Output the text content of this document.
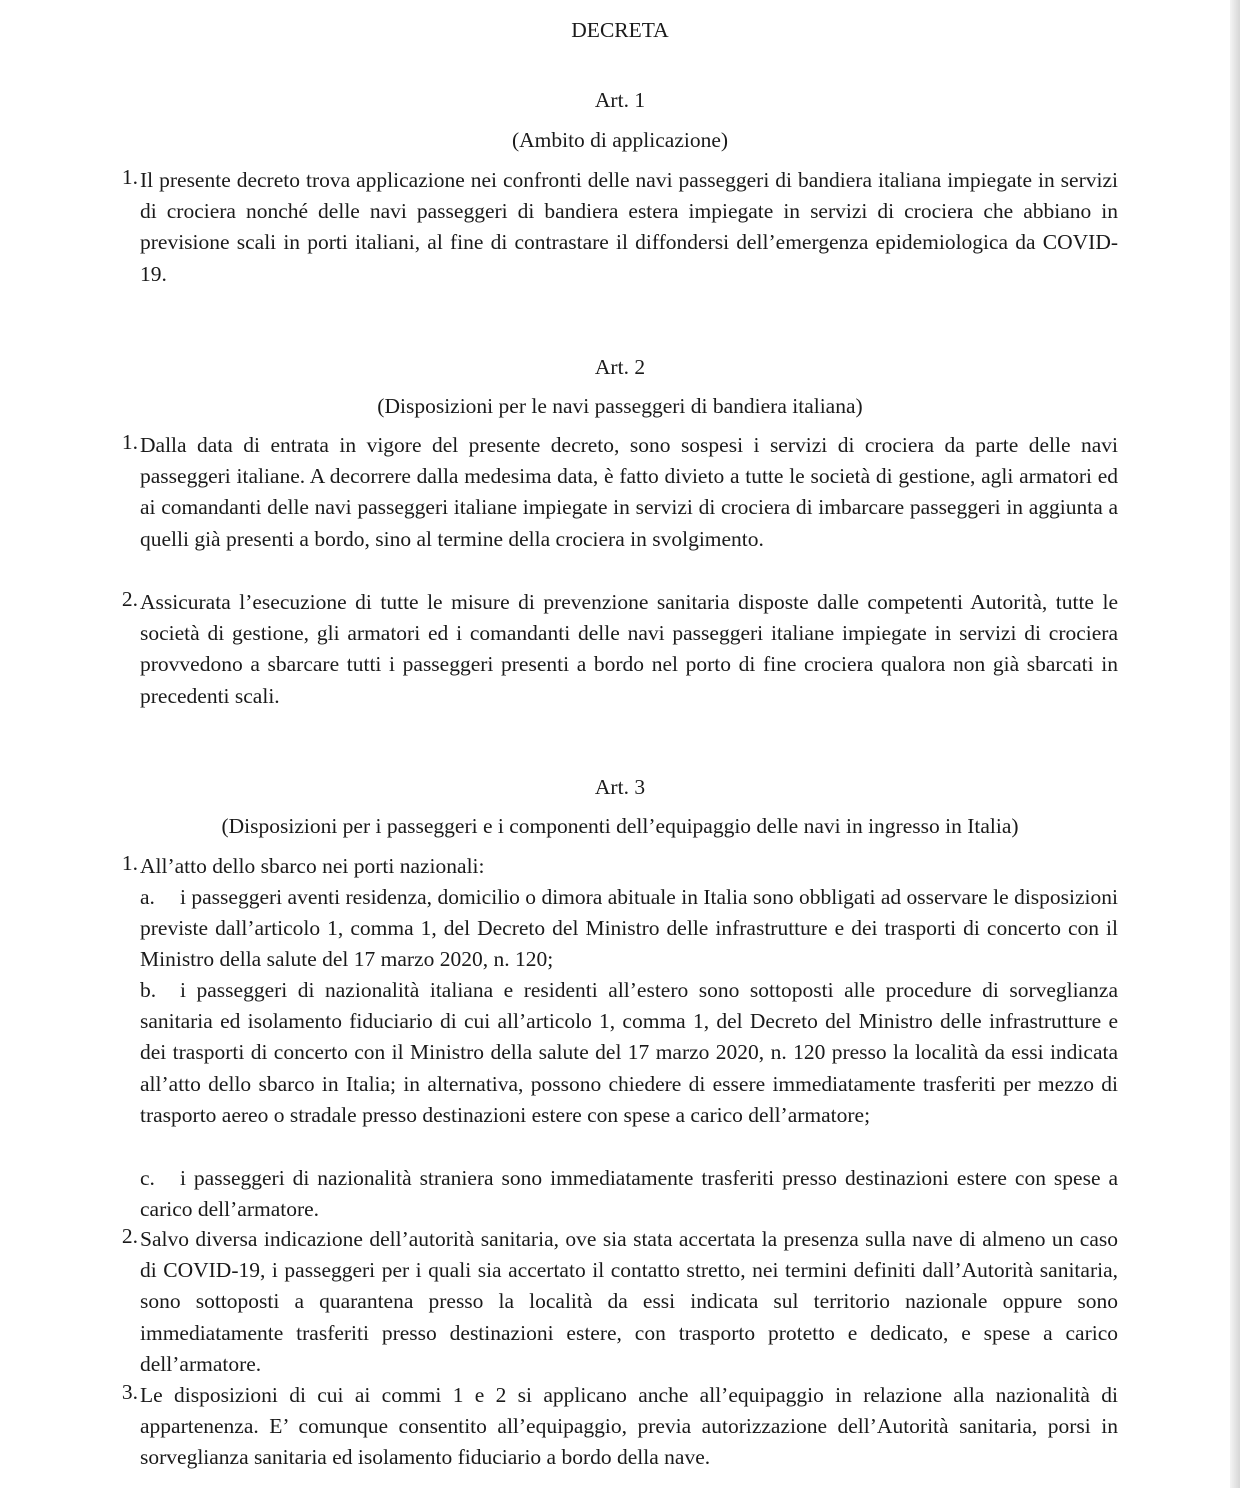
DECRETA
Art. 1
(Ambito di applicazione)
1. Il presente decreto trova applicazione nei confronti delle navi passeggeri di bandiera italiana impiegate in servizi di crociera nonché delle navi passeggeri di bandiera estera impiegate in servizi di crociera che abbiano in previsione scali in porti italiani, al fine di contrastare il diffondersi dell’emergenza epidemiologica da COVID-19.

Art. 2
(Disposizioni per le navi passeggeri di bandiera italiana)
1. Dalla data di entrata in vigore del presente decreto, sono sospesi i servizi di crociera da parte delle navi passeggeri italiane. A decorrere dalla medesima data, è fatto divieto a tutte le società di gestione, agli armatori ed ai comandanti delle navi passeggeri italiane impiegate in servizi di crociera di imbarcare passeggeri in aggiunta a quelli già presenti a bordo, sino al termine della crociera in svolgimento.

2. Assicurata l’esecuzione di tutte le misure di prevenzione sanitaria disposte dalle competenti Autorità, tutte le società di gestione, gli armatori ed i comandanti delle navi passeggeri italiane impiegate in servizi di crociera provvedono a sbarcare tutti i passeggeri presenti a bordo nel porto di fine crociera qualora non già sbarcati in precedenti scali.

Art. 3
(Disposizioni per i passeggeri e i componenti dell’equipaggio delle navi in ingresso in Italia)
1. All’atto dello sbarco nei porti nazionali:

a. i passeggeri aventi residenza, domicilio o dimora abituale in Italia sono obbligati ad osservare le disposizioni previste dall’articolo 1, comma 1, del Decreto del Ministro delle infrastrutture e dei trasporti di concerto con il Ministro della salute del 17 marzo 2020, n. 120;

b. i passeggeri di nazionalità italiana e residenti all’estero sono sottoposti alle procedure di sorveglianza sanitaria ed isolamento fiduciario di cui all’articolo 1, comma 1, del Decreto del Ministro delle infrastrutture e dei trasporti di concerto con il Ministro della salute del 17 marzo 2020, n. 120 presso la località da essi indicata all’atto dello sbarco in Italia; in alternativa, possono chiedere di essere immediatamente trasferiti per mezzo di trasporto aereo o stradale presso destinazioni estere con spese a carico dell’armatore;

c. i passeggeri di nazionalità straniera sono immediatamente trasferiti presso destinazioni estere con spese a carico dell’armatore.

2. Salvo diversa indicazione dell’autorità sanitaria, ove sia stata accertata la presenza sulla nave di almeno un caso di COVID-19, i passeggeri per i quali sia accertato il contatto stretto, nei termini definiti dall’Autorità sanitaria, sono sottoposti a quarantena presso la località da essi indicata sul territorio nazionale oppure sono immediatamente trasferiti presso destinazioni estere, con trasporto protetto e dedicato, e spese a carico dell’armatore.

3. Le disposizioni di cui ai commi 1 e 2 si applicano anche all’equipaggio in relazione alla nazionalità di appartenenza. E’ comunque consentito all’equipaggio, previa autorizzazione dell’Autorità sanitaria, porsi in sorveglianza sanitaria ed isolamento fiduciario a bordo della nave.
